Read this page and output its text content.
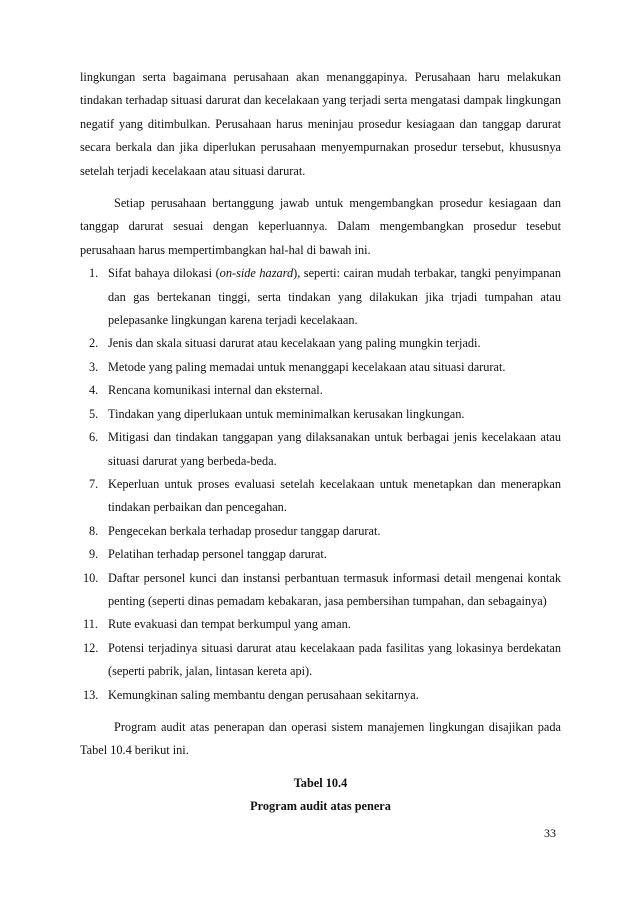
lingkungan serta bagaimana perusahaan akan menanggapinya. Perusahaan haru melakukan tindakan terhadap situasi darurat dan kecelakaan yang terjadi serta mengatasi dampak lingkungan negatif yang ditimbulkan. Perusahaan harus meninjau prosedur kesiagaan dan tanggap darurat secara berkala dan jika diperlukan perusahaan menyempurnakan prosedur tersebut, khususnya setelah terjadi kecelakaan atau situasi darurat.

Setiap perusahaan bertanggung jawab untuk mengembangkan prosedur kesiagaan dan tanggap darurat sesuai dengan keperluannya. Dalam mengembangkan prosedur tesebut perusahaan harus mempertimbangkan hal-hal di bawah ini.

1. Sifat bahaya dilokasi (on-side hazard), seperti: cairan mudah terbakar, tangki penyimpanan dan gas bertekanan tinggi, serta tindakan yang dilakukan jika trjadi tumpahan atau pelepasanke lingkungan karena terjadi kecelakaan.
2. Jenis dan skala situasi darurat atau kecelakaan yang paling mungkin terjadi.
3. Metode yang paling memadai untuk menanggapi kecelakaan atau situasi darurat.
4. Rencana komunikasi internal dan eksternal.
5. Tindakan yang diperlukaan untuk meminimalkan kerusakan lingkungan.
6. Mitigasi dan tindakan tanggapan yang dilaksanakan untuk berbagai jenis kecelakaan atau situasi darurat yang berbeda-beda.
7. Keperluan untuk proses evaluasi setelah kecelakaan untuk menetapkan dan menerapkan tindakan perbaikan dan pencegahan.
8. Pengecekan berkala terhadap prosedur tanggap darurat.
9. Pelatihan terhadap personel tanggap darurat.
10. Daftar personel kunci dan instansi perbantuan termasuk informasi detail mengenai kontak penting (seperti dinas pemadam kebakaran, jasa pembersihan tumpahan, dan sebagainya)
11. Rute evakuasi dan tempat berkumpul yang aman.
12. Potensi terjadinya situasi darurat atau kecelakaan pada fasilitas yang lokasinya berdekatan (seperti pabrik, jalan, lintasan kereta api).
13. Kemungkinan saling membantu dengan perusahaan sekitarnya.

Program audit atas penerapan dan operasi sistem manajemen lingkungan disajikan pada Tabel 10.4 berikut ini.

Tabel 10.4

Program audit atas penera

33
